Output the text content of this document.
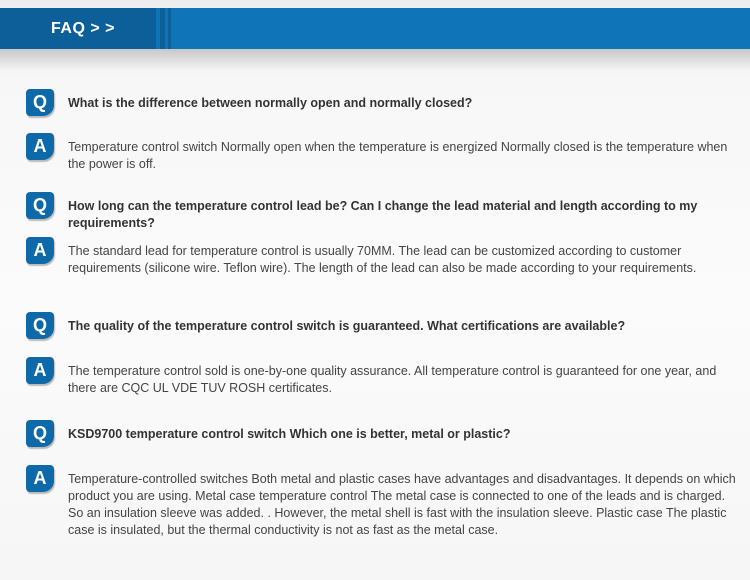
FAQ > >
Q	What is the difference between normally open and normally closed?
A	Temperature control switch Normally open when the temperature is energized Normally closed is the temperature when the power is off.
Q	How long can the temperature control lead be? Can I change the lead material and length according to my requirements?
A	The standard lead for temperature control is usually 70MM. The lead can be customized according to customer requirements (silicone wire. Teflon wire). The length of the lead can also be made according to your requirements.
Q	The quality of the temperature control switch is guaranteed. What certifications are available?
A	The temperature control sold is one-by-one quality assurance. All temperature control is guaranteed for one year, and there are CQC UL VDE TUV ROSH certificates.
Q	KSD9700 temperature control switch Which one is better, metal or plastic?
A	Temperature-controlled switches Both metal and plastic cases have advantages and disadvantages. It depends on which product you are using. Metal case temperature control The metal case is connected to one of the leads and is charged. So an insulation sleeve was added. . However, the metal shell is fast with the insulation sleeve. Plastic case The plastic case is insulated, but the thermal conductivity is not as fast as the metal case.
